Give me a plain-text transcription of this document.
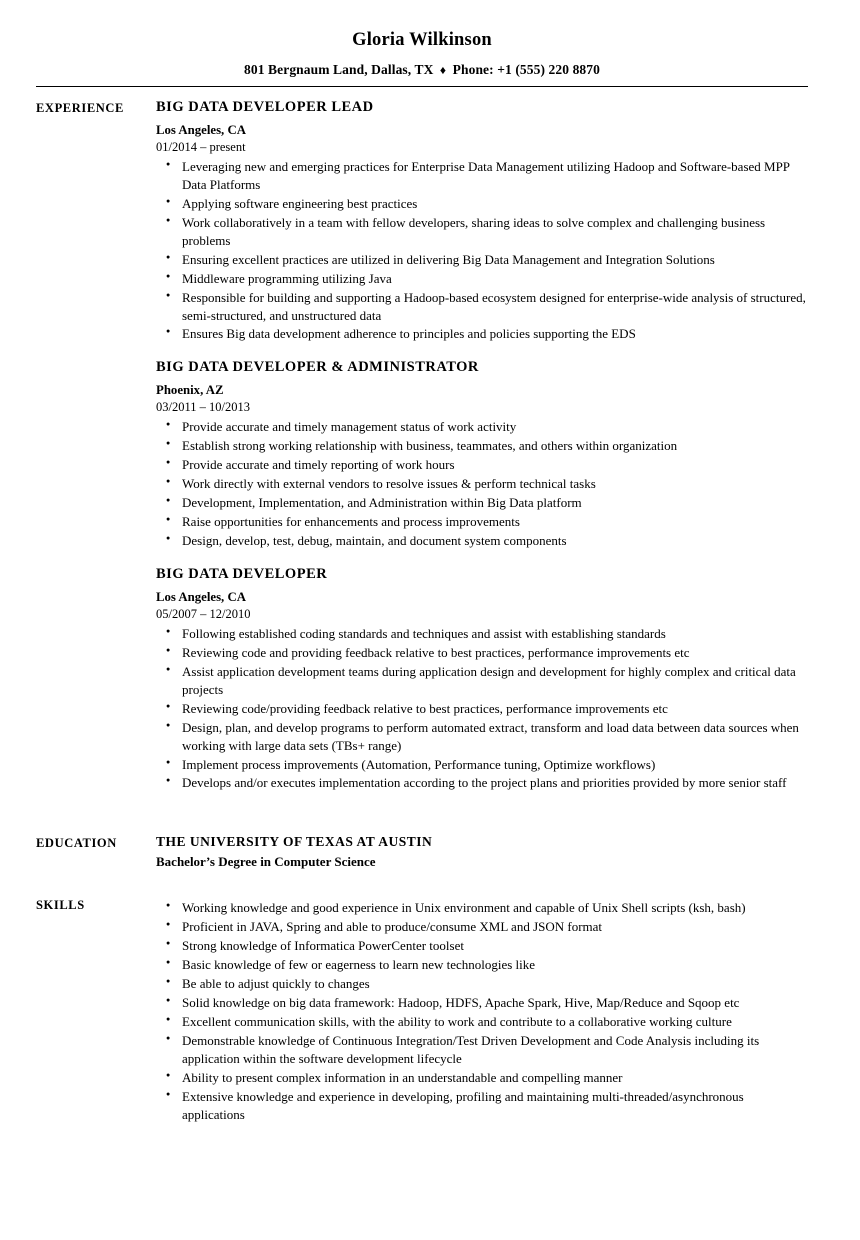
Gloria Wilkinson
801 Bergnaum Land, Dallas, TX ♦ Phone: +1 (555) 220 8870
EXPERIENCE	BIG DATA DEVELOPER LEAD
Los Angeles, CA
01/2014 – present
● Leveraging new and emerging practices for Enterprise Data Management utilizing Hadoop and Software-based MPP Data Platforms
● Applying software engineering best practices
● Work collaboratively in a team with fellow developers, sharing ideas to solve complex and challenging business problems
● Ensuring excellent practices are utilized in delivering Big Data Management and Integration Solutions
● Middleware programming utilizing Java
● Responsible for building and supporting a Hadoop-based ecosystem designed for enterprise-wide analysis of structured, semi-structured, and unstructured data
● Ensures Big data development adherence to principles and policies supporting the EDS
BIG DATA DEVELOPER & ADMINISTRATOR
Phoenix, AZ
03/2011 – 10/2013
● Provide accurate and timely management status of work activity
● Establish strong working relationship with business, teammates, and others within organization
● Provide accurate and timely reporting of work hours
● Work directly with external vendors to resolve issues & perform technical tasks
● Development, Implementation, and Administration within Big Data platform
● Raise opportunities for enhancements and process improvements
● Design, develop, test, debug, maintain, and document system components
BIG DATA DEVELOPER
Los Angeles, CA
05/2007 – 12/2010
● Following established coding standards and techniques and assist with establishing standards
● Reviewing code and providing feedback relative to best practices, performance improvements etc
● Assist application development teams during application design and development for highly complex and critical data projects
● Reviewing code/providing feedback relative to best practices, performance improvements etc
● Design, plan, and develop programs to perform automated extract, transform and load data between data sources when working with large data sets (TBs+ range)
● Implement process improvements (Automation, Performance tuning, Optimize workflows)
● Develops and/or executes implementation according to the project plans and priorities provided by more senior staff
EDUCATION	THE UNIVERSITY OF TEXAS AT AUSTIN
Bachelor’s Degree in Computer Science
SKILLS	● Working knowledge and good experience in Unix environment and capable of Unix Shell scripts (ksh, bash)
● Proficient in JAVA, Spring and able to produce/consume XML and JSON format
● Strong knowledge of Informatica PowerCenter toolset
● Basic knowledge of few or eagerness to learn new technologies like
● Be able to adjust quickly to changes
● Solid knowledge on big data framework: Hadoop, HDFS, Apache Spark, Hive, Map/Reduce and Sqoop etc
● Excellent communication skills, with the ability to work and contribute to a collaborative working culture
● Demonstrable knowledge of Continuous Integration/Test Driven Development and Code Analysis including its application within the software development lifecycle
● Ability to present complex information in an understandable and compelling manner
● Extensive knowledge and experience in developing, profiling and maintaining multi-threaded/asynchronous applications
